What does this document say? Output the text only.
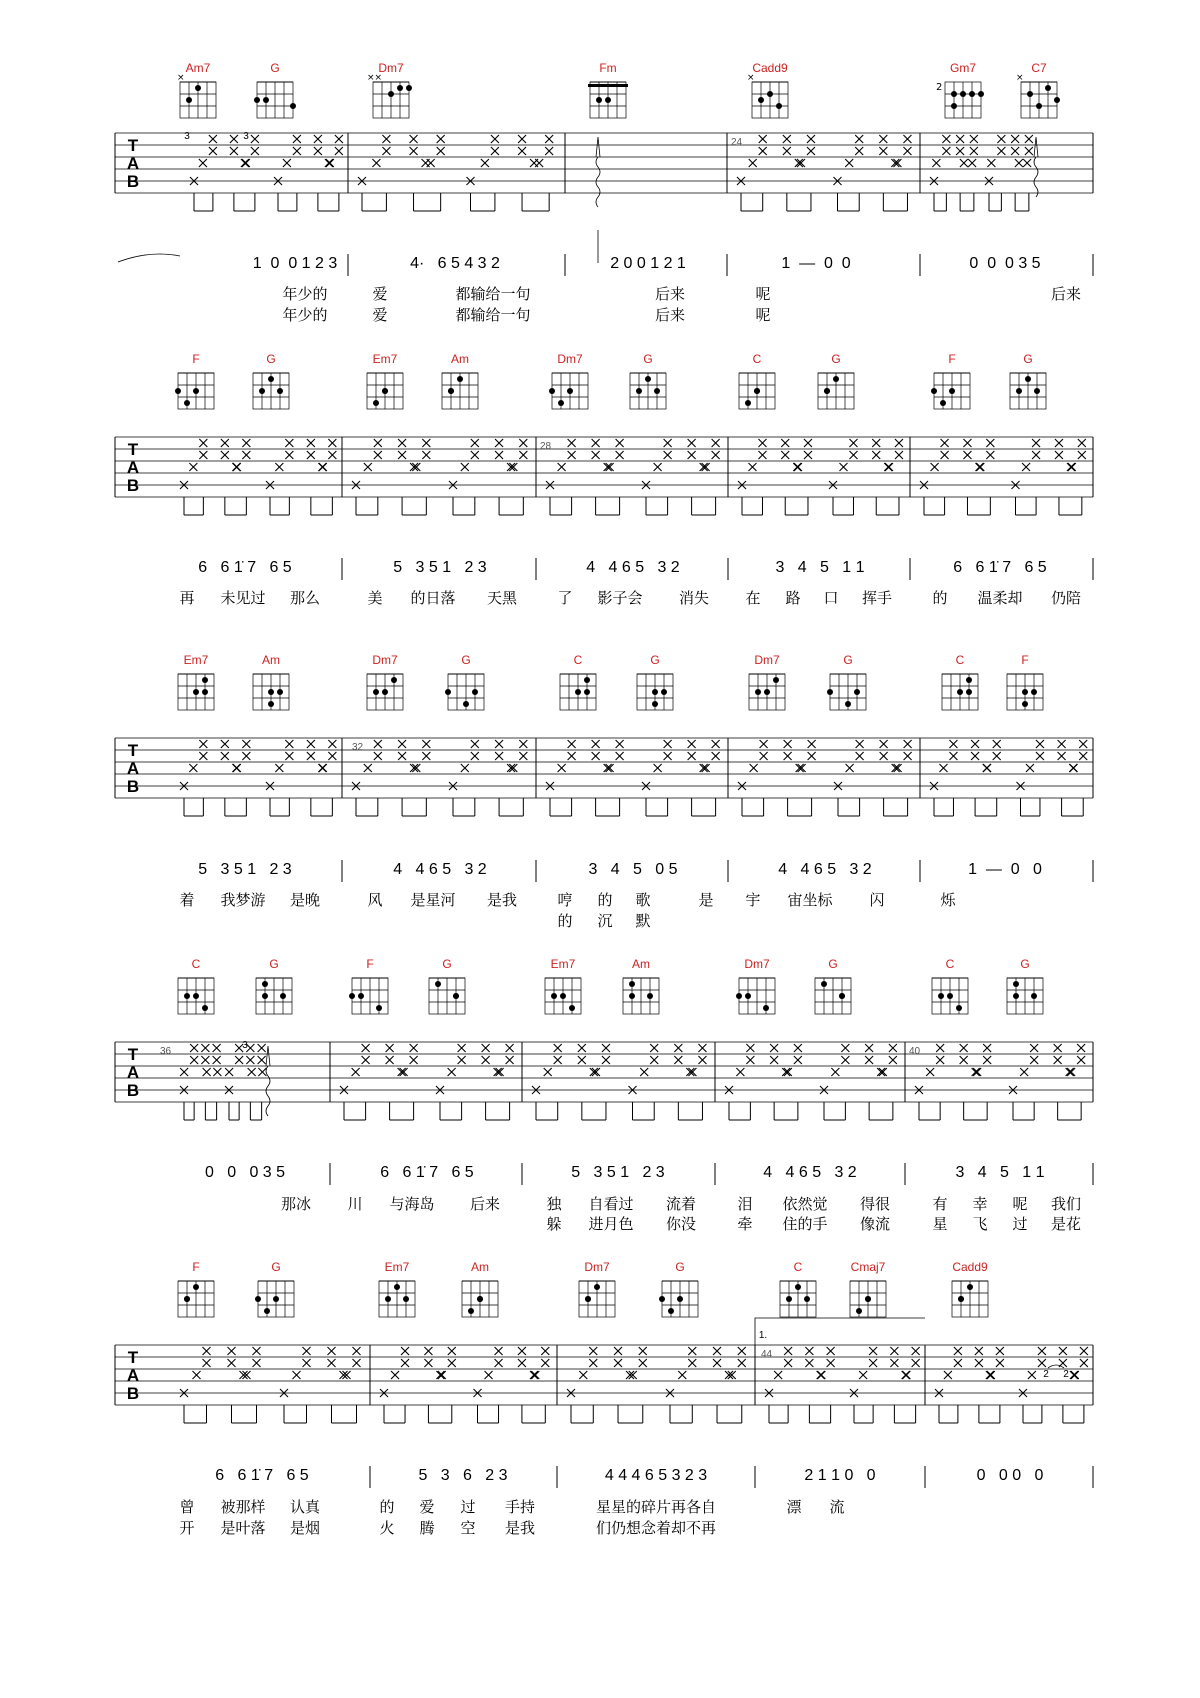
Am7
×
G	Dm7
××
Fm	Cadd9
×
Gm7
2
C7
×
T
A
B
24
3	3
1  0  0 1 2 3	4·   6 5 4 3 2	2 0 0 1 2 1	1  —  0  0	0  0  0 3 5
年少的	爱	都输给一句	后来	呢	后来
年少的	爱	都输给一句	后来	呢
F	G	Em7	Am	Dm7	G	C	G	F	G
T
A
B
28
6   6 1̇ 7   6 5	5   3 5 1   2 3	4   4 6 5   3 2	3   4   5   1 1	6   6 1̇ 7   6 5
再 未见过 那么	美 的日落 天黑	了 影子会 消失 在 路 口 挥手	的 温柔却 仍陪
Em7	Am	Dm7	G	C	G	Dm7	G	C	F
T
A
B
32
5   3 5 1   2 3	4   4 6 5   3 2	3   4   5   0 5	4   4 6 5   3 2	1  —  0   0
着 我梦游 是晚	风 是星河 是我	哼 的 歌	是 宇 宙坐标 闪	烁
的 沉 默
C	G	F	G	Em7	Am	Dm7	G	C	G
T
A
B
36	40
3
0   0   0 3 5	6   6 1̇ 7   6 5	5   3 5 1   2 3	4   4 6 5   3 2	3   4   5   1 1
那冰 川 与海岛 后来	独 自看过 流着	泪 依然觉 得很	有 幸 呢 我们
躲 进月色 你没	牵 住的手 像流	星 飞 过 是花
F	G	Em7	Am	Dm7	G	C	Cmaj7	Cadd9
T
A
B
44
1.
2 2
6   6 1̇ 7   6 5	5   3   6   2 3	4 4 4 6 5 3 2 3	2 1 1 0   0	0   0 0   0
曾 被那样 认真	的 爱 过 手持	星星的碎片再各自	漂 流
开 是叶落 是烟	火 腾 空 是我	们仍想念着却不再
